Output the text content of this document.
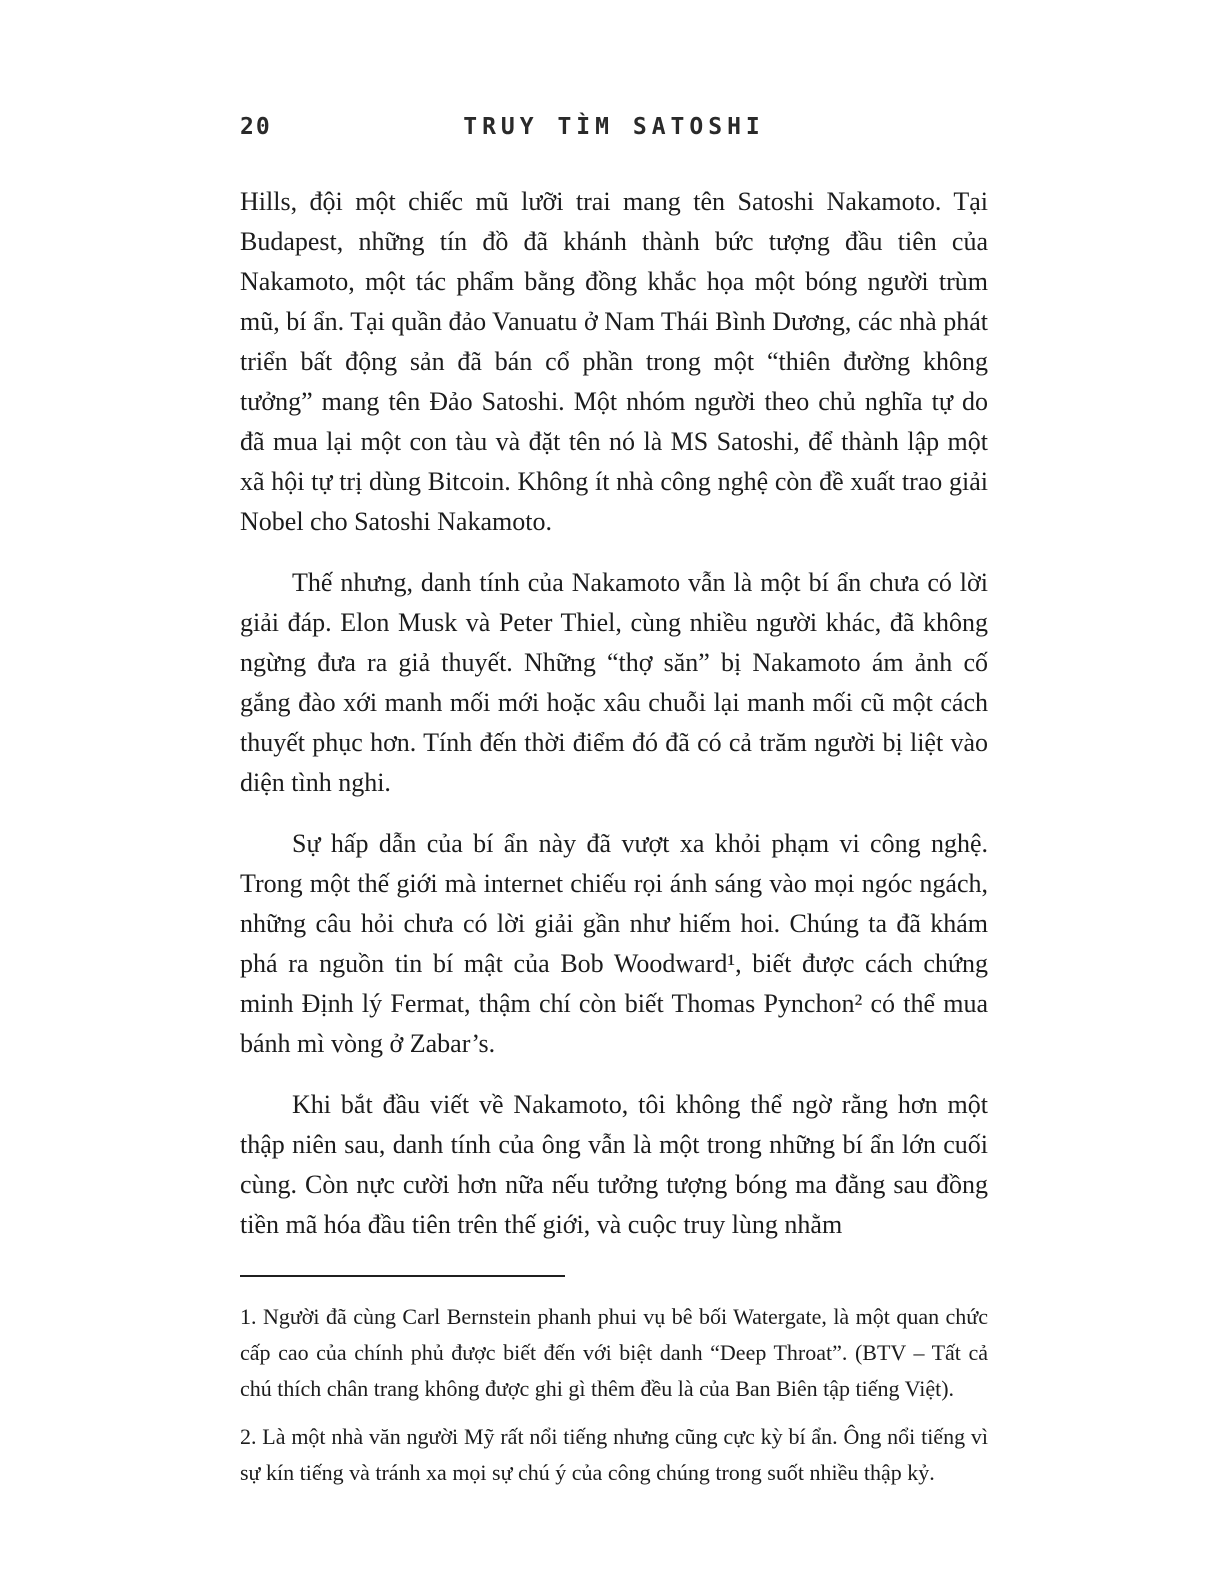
20	TRUY TÌM SATOSHI

Hills, đội một chiếc mũ lưỡi trai mang tên Satoshi Nakamoto. Tại Budapest, những tín đồ đã khánh thành bức tượng đầu tiên của Nakamoto, một tác phẩm bằng đồng khắc họa một bóng người trùm mũ, bí ẩn. Tại quần đảo Vanuatu ở Nam Thái Bình Dương, các nhà phát triển bất động sản đã bán cổ phần trong một “thiên đường không tưởng” mang tên Đảo Satoshi. Một nhóm người theo chủ nghĩa tự do đã mua lại một con tàu và đặt tên nó là MS Satoshi, để thành lập một xã hội tự trị dùng Bitcoin. Không ít nhà công nghệ còn đề xuất trao giải Nobel cho Satoshi Nakamoto.

Thế nhưng, danh tính của Nakamoto vẫn là một bí ẩn chưa có lời giải đáp. Elon Musk và Peter Thiel, cùng nhiều người khác, đã không ngừng đưa ra giả thuyết. Những “thợ săn” bị Nakamoto ám ảnh cố gắng đào xới manh mối mới hoặc xâu chuỗi lại manh mối cũ một cách thuyết phục hơn. Tính đến thời điểm đó đã có cả trăm người bị liệt vào diện tình nghi.

Sự hấp dẫn của bí ẩn này đã vượt xa khỏi phạm vi công nghệ. Trong một thế giới mà internet chiếu rọi ánh sáng vào mọi ngóc ngách, những câu hỏi chưa có lời giải gần như hiếm hoi. Chúng ta đã khám phá ra nguồn tin bí mật của Bob Woodward¹, biết được cách chứng minh Định lý Fermat, thậm chí còn biết Thomas Pynchon² có thể mua bánh mì vòng ở Zabar’s.

Khi bắt đầu viết về Nakamoto, tôi không thể ngờ rằng hơn một thập niên sau, danh tính của ông vẫn là một trong những bí ẩn lớn cuối cùng. Còn nực cười hơn nữa nếu tưởng tượng bóng ma đằng sau đồng tiền mã hóa đầu tiên trên thế giới, và cuộc truy lùng nhằm

1. Người đã cùng Carl Bernstein phanh phui vụ bê bối Watergate, là một quan chức cấp cao của chính phủ được biết đến với biệt danh “Deep Throat”. (BTV – Tất cả chú thích chân trang không được ghi gì thêm đều là của Ban Biên tập tiếng Việt).

2. Là một nhà văn người Mỹ rất nổi tiếng nhưng cũng cực kỳ bí ẩn. Ông nổi tiếng vì sự kín tiếng và tránh xa mọi sự chú ý của công chúng trong suốt nhiều thập kỷ.
